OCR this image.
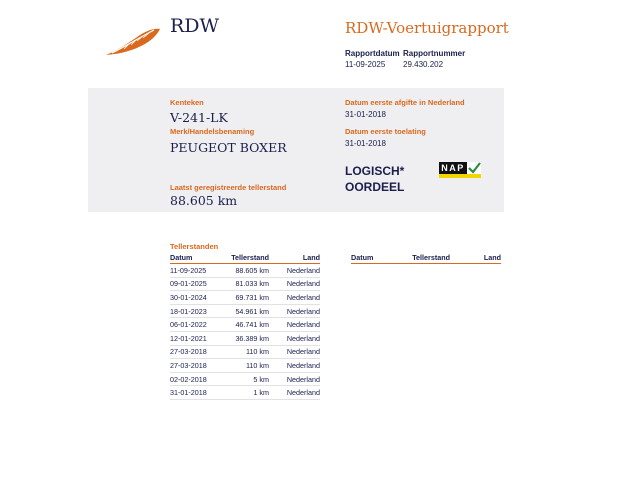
RDW	RDW-Voertuigrapport
Rapportdatum
11-09-2025
Rapportnummer
29.430.202
Kenteken
V-241-LK
Merk/Handelsbenaming
PEUGEOT BOXER
Laatst geregistreerde tellerstand
88.605 km
Datum eerste afgifte in Nederland
31-01-2018
Datum eerste toelating
31-01-2018
LOGISCH*
OORDEEL
NAP
Tellerstanden
Datum	Tellerstand	Land
11-09-2025	88.605 km	Nederland
09-01-2025	81.033 km	Nederland
30-01-2024	69.731 km	Nederland
18-01-2023	54.961 km	Nederland
06-01-2022	46.741 km	Nederland
12-01-2021	36.389 km	Nederland
27-03-2018	110 km	Nederland
27-03-2018	110 km	Nederland
02-02-2018	5 km	Nederland
31-01-2018	1 km	Nederland
Datum	Tellerstand	Land
